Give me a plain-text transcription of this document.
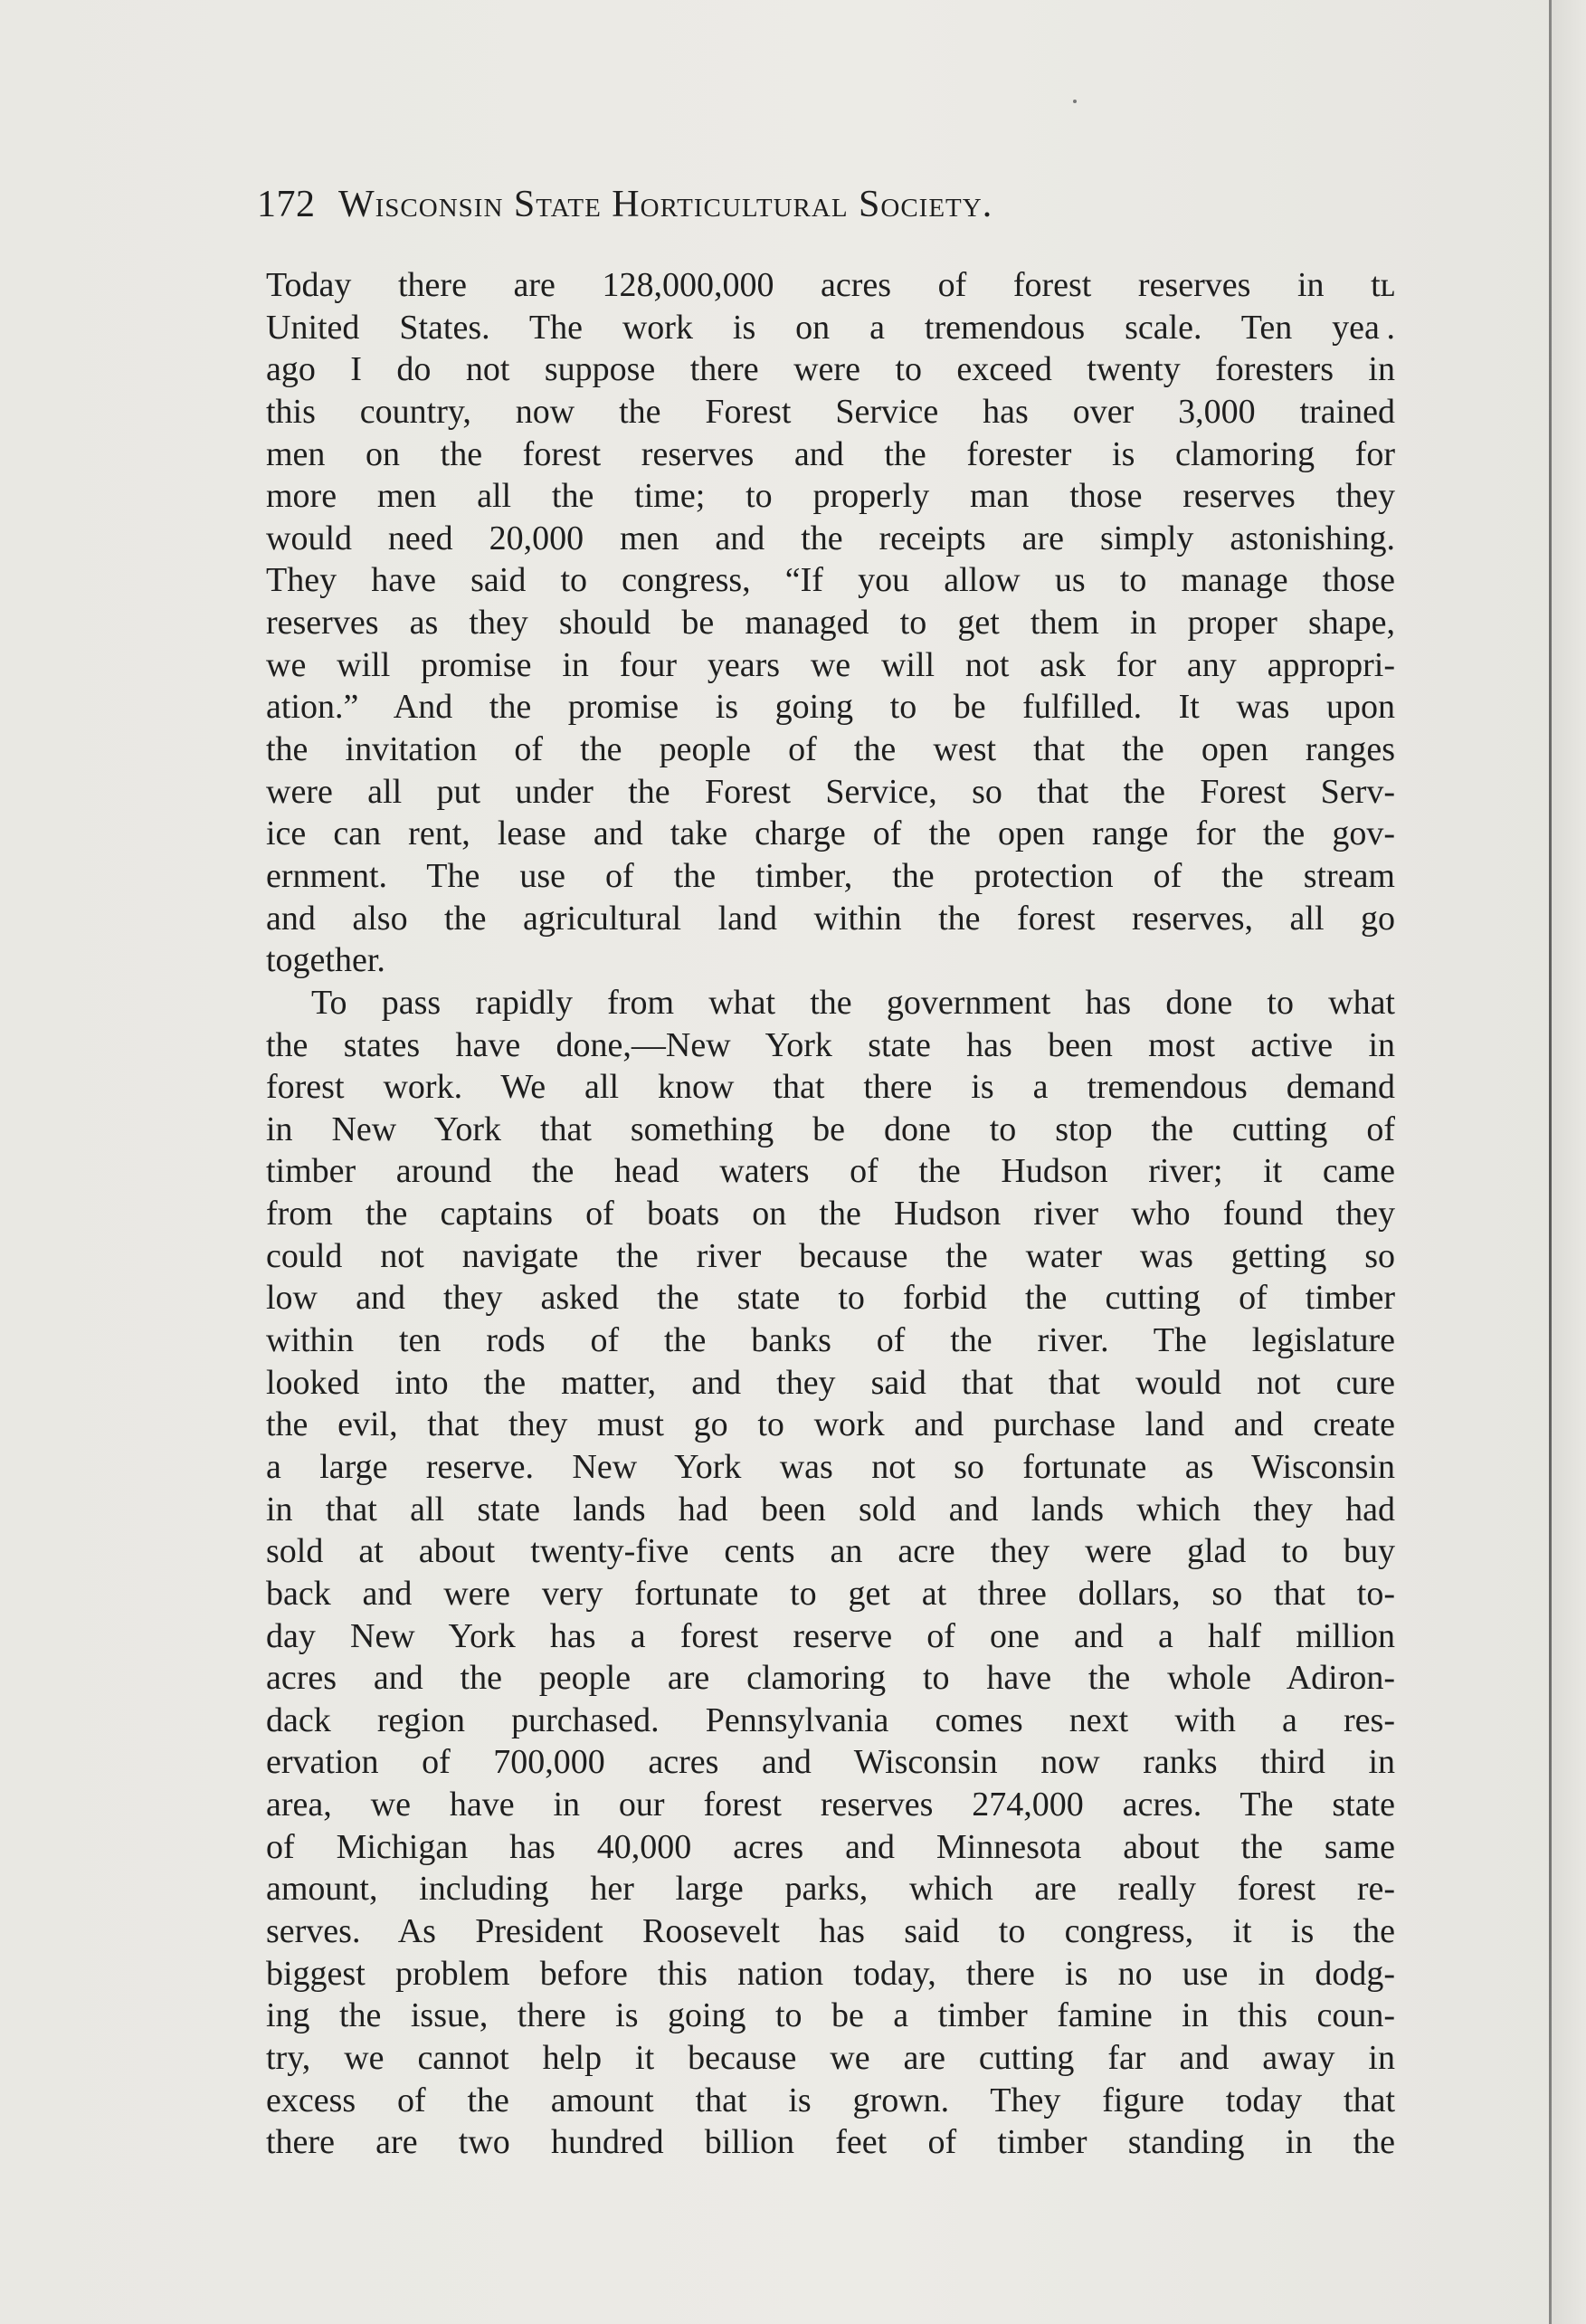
172 Wisconsin State Horticultural Society.
Today there are 128,000,000 acres of forest reserves in tʟ
United States. The work is on a tremendous scale. Ten yea .
ago I do not suppose there were to exceed twenty foresters in
this country, now the Forest Service has over 3,000 trained
men on the forest reserves and the forester is clamoring for
more men all the time; to properly man those reserves they
would need 20,000 men and the receipts are simply astonishing.
They have said to congress, “If you allow us to manage those
reserves as they should be managed to get them in proper shape,
we will promise in four years we will not ask for any appropri-
ation.” And the promise is going to be fulfilled. It was upon
the invitation of the people of the west that the open ranges
were all put under the Forest Service, so that the Forest Serv-
ice can rent, lease and take charge of the open range for the gov-
ernment. The use of the timber, the protection of the stream
and also the agricultural land within the forest reserves, all go
together.
To pass rapidly from what the government has done to what
the states have done,—New York state has been most active in
forest work. We all know that there is a tremendous demand
in New York that something be done to stop the cutting of
timber around the head waters of the Hudson river; it came
from the captains of boats on the Hudson river who found they
could not navigate the river because the water was getting so
low and they asked the state to forbid the cutting of timber
within ten rods of the banks of the river. The legislature
looked into the matter, and they said that that would not cure
the evil, that they must go to work and purchase land and create
a large reserve. New York was not so fortunate as Wisconsin
in that all state lands had been sold and lands which they had
sold at about twenty-five cents an acre they were glad to buy
back and were very fortunate to get at three dollars, so that to-
day New York has a forest reserve of one and a half million
acres and the people are clamoring to have the whole Adiron-
dack region purchased. Pennsylvania comes next with a res-
ervation of 700,000 acres and Wisconsin now ranks third in
area, we have in our forest reserves 274,000 acres. The state
of Michigan has 40,000 acres and Minnesota about the same
amount, including her large parks, which are really forest re-
serves. As President Roosevelt has said to congress, it is the
biggest problem before this nation today, there is no use in dodg-
ing the issue, there is going to be a timber famine in this coun-
try, we cannot help it because we are cutting far and away in
excess of the amount that is grown. They figure today that
there are two hundred billion feet of timber standing in the
